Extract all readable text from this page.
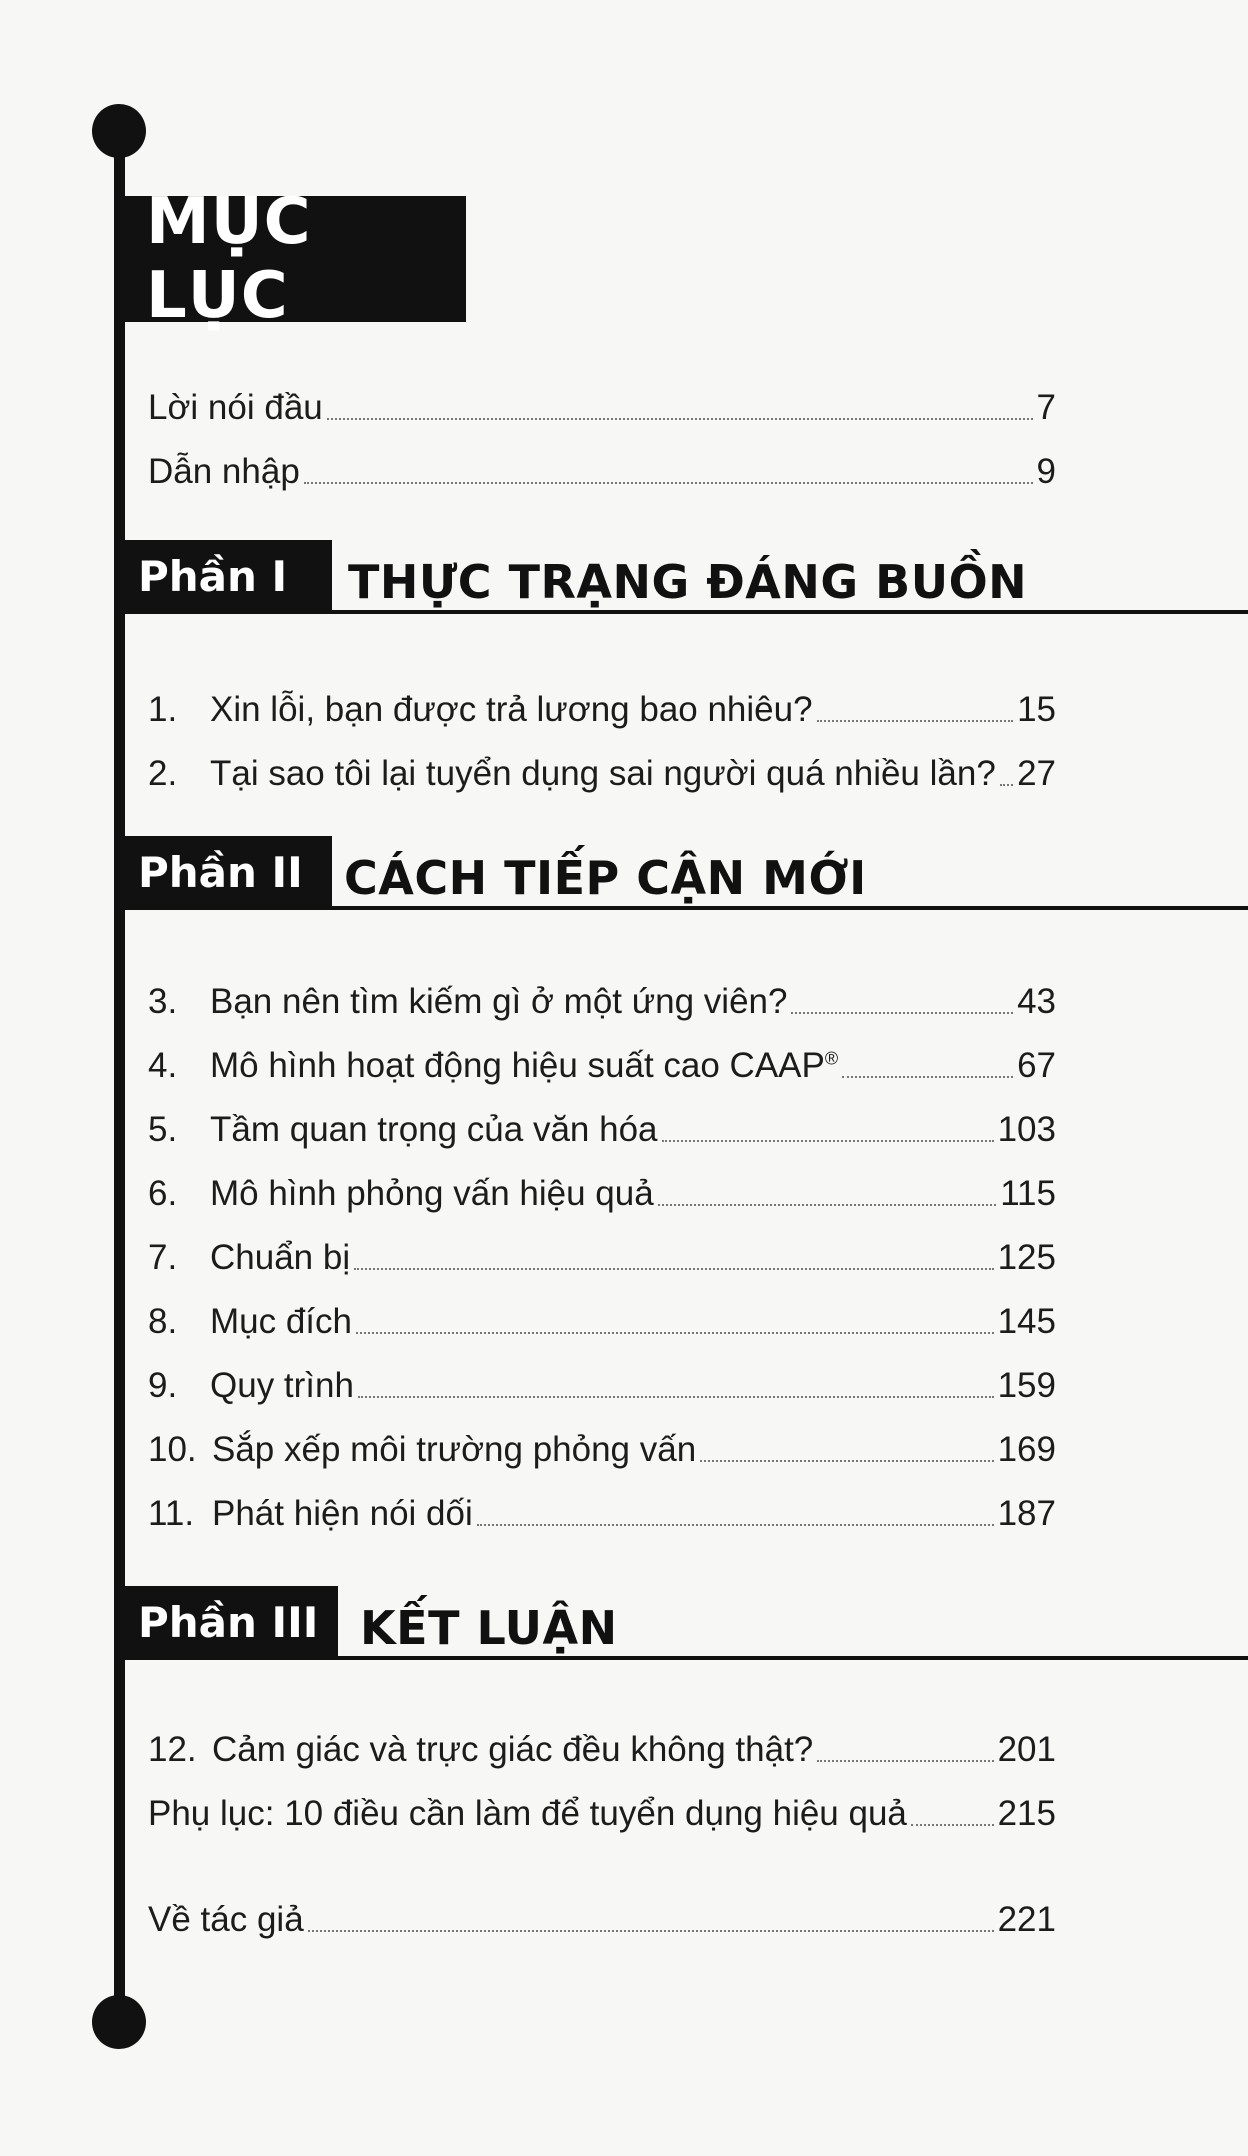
MỤC LỤC
Lời nói đầu	7
Dẫn nhập	9
Phần I	THỰC TRẠNG ĐÁNG BUỒN
1. Xin lỗi, bạn được trả lương bao nhiêu?	15
2. Tại sao tôi lại tuyển dụng sai người quá nhiều lần? 27
Phần II CÁCH TIẾP CẬN MỚI
3. Bạn nên tìm kiếm gì ở một ứng viên?	43
4. Mô hình hoạt động hiệu suất cao CAAP®	67
5. Tầm quan trọng của văn hóa	103
6. Mô hình phỏng vấn hiệu quả	115
7. Chuẩn bị	125
8. Mục đích	145
9. Quy trình	159
10. Sắp xếp môi trường phỏng vấn	169
11. Phát hiện nói dối	187
Phần III KẾT LUẬN
12. Cảm giác và trực giác đều không thật?	201
Phụ lục: 10 điều cần làm để tuyển dụng hiệu quả	215
Về tác giả	221
